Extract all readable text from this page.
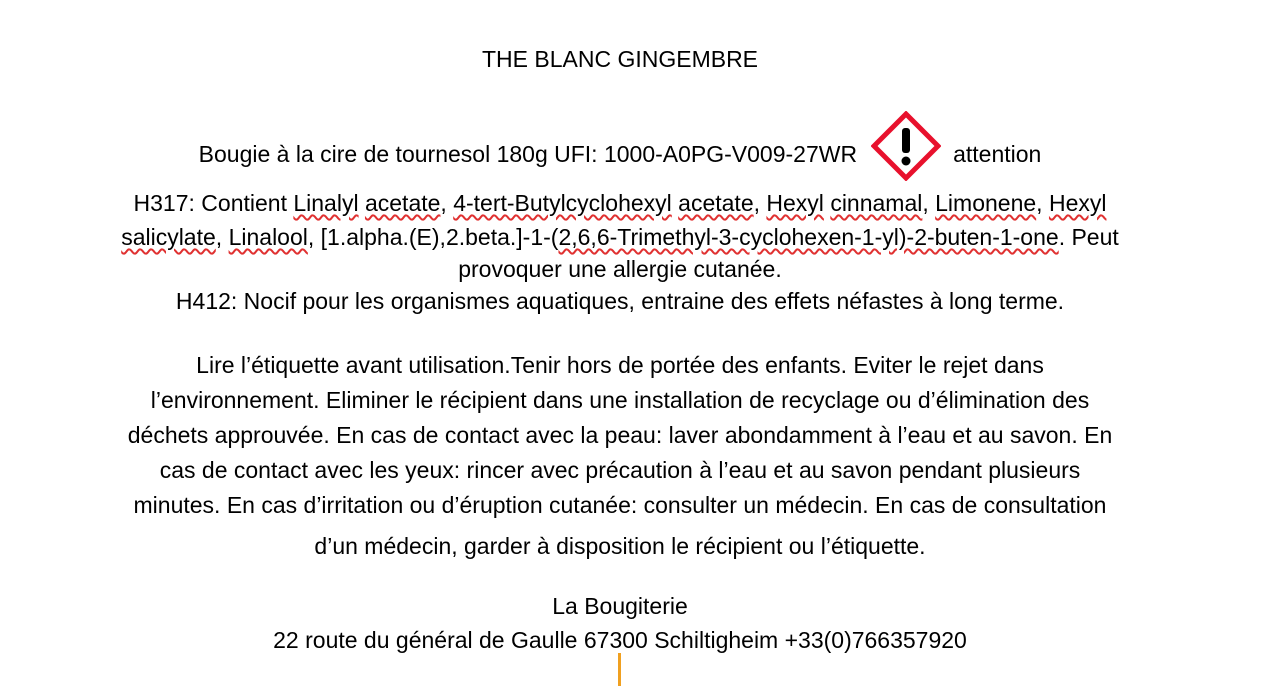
THE BLANC GINGEMBRE
Bougie à la cire de tournesol 180g UFI: 1000-A0PG-V009-27WR	attention
H317: Contient Linalyl acetate, 4-tert-Butylcyclohexyl acetate, Hexyl cinnamal, Limonene, Hexyl
salicylate, Linalool, [1.alpha.(E),2.beta.]-1-(2,6,6-Trimethyl-3-cyclohexen-1-yl)-2-buten-1-one. Peut
provoquer une allergie cutanée.
H412: Nocif pour les organismes aquatiques, entraine des effets néfastes à long terme.
Lire l’étiquette avant utilisation.Tenir hors de portée des enfants. Eviter le rejet dans
l’environnement. Eliminer le récipient dans une installation de recyclage ou d’élimination des
déchets approuvée. En cas de contact avec la peau: laver abondamment à l’eau et au savon. En
cas de contact avec les yeux: rincer avec précaution à l’eau et au savon pendant plusieurs
minutes. En cas d’irritation ou d’éruption cutanée: consulter un médecin. En cas de consultation
d’un médecin, garder à disposition le récipient ou l’étiquette.
La Bougiterie
22 route du général de Gaulle 67300 Schiltigheim +33(0)766357920
